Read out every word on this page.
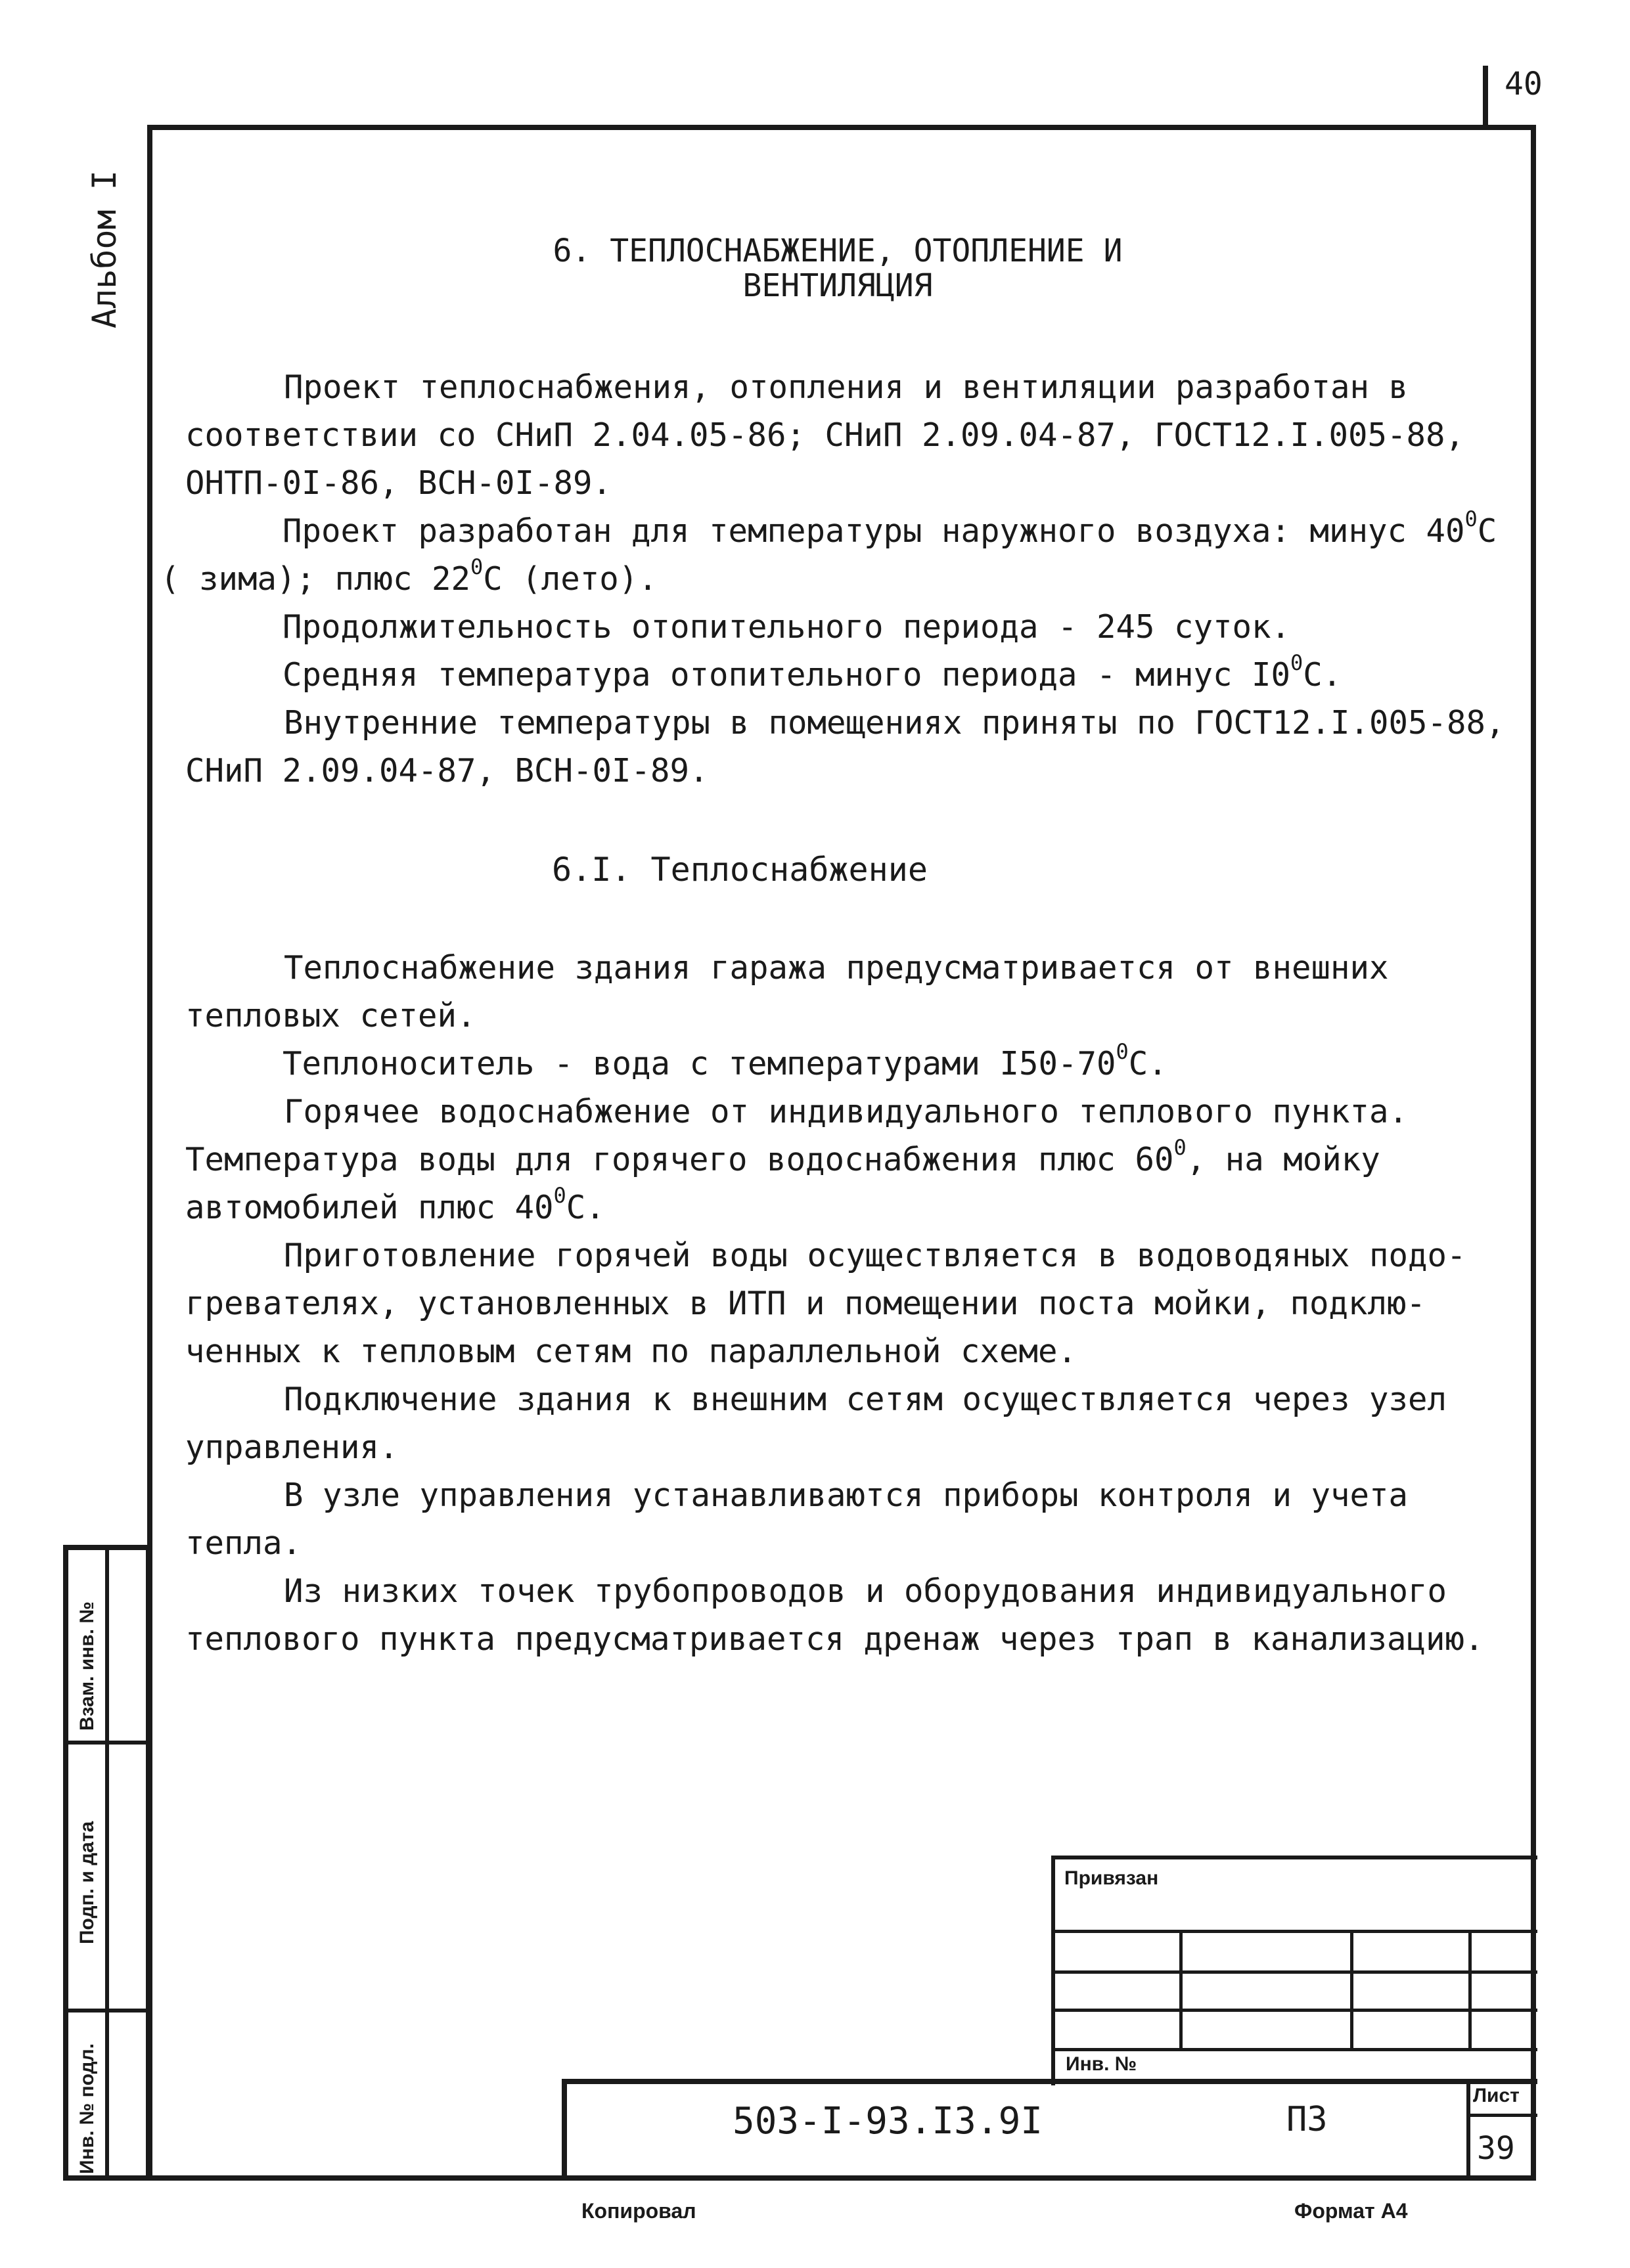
40
Альбом I	6. ТЕПЛОСНАБЖЕНИЕ, ОТОПЛЕНИЕ И
ВЕНТИЛЯЦИЯ
Проект теплоснабжения, отопления и вентиляции разработан в
соответствии со СНиП 2.04.05-86; СНиП 2.09.04-87, ГОСТ12.I.005-88,
ОНТП-0I-86, ВСН-0I-89.
Проект разработан для температуры наружного воздуха: минус $40^0С$
( зима); плюс $22^0С$ (лето).
Продолжительность отопительного периода - 245 суток.
Средняя температура отопительного периода - минус $I0^0С$.
Внутренние температуры в помещениях приняты по ГОСТ12.I.005-88,
СНиП 2.09.04-87, ВСН-0I-89.
6.I. Теплоснабжение
Теплоснабжение здания гаража предусматривается от внешних
тепловых сетей.
Теплоноситель - вода с температурами $I50-70^0С$.
Горячее водоснабжение от индивидуального теплового пункта.
Температура воды для горячего водоснабжения плюс $60^0$, на мойку
автомобилей плюс $40^0С$.
Приготовление горячей воды осуществляется в водоводяных подо-
гревателях, установленных в ИТП и помещении поста мойки, подклю-
ченных к тепловым сетям по параллельной схеме.
Подключение здания к внешним сетям осуществляется через узел
управления.
В узле управления устанавливаются приборы контроля и учета
тепла.
Из низких точек трубопроводов и оборудования индивидуального
теплового пункта предусматривается дренаж через трап в канализацию.
Взам. инв. №
Подп. и дата
Инв. № подл.
Привязан
Инв. №
503-I-93.I3.9I	ПЗ
Лист
39
Копировал	Формат А4
